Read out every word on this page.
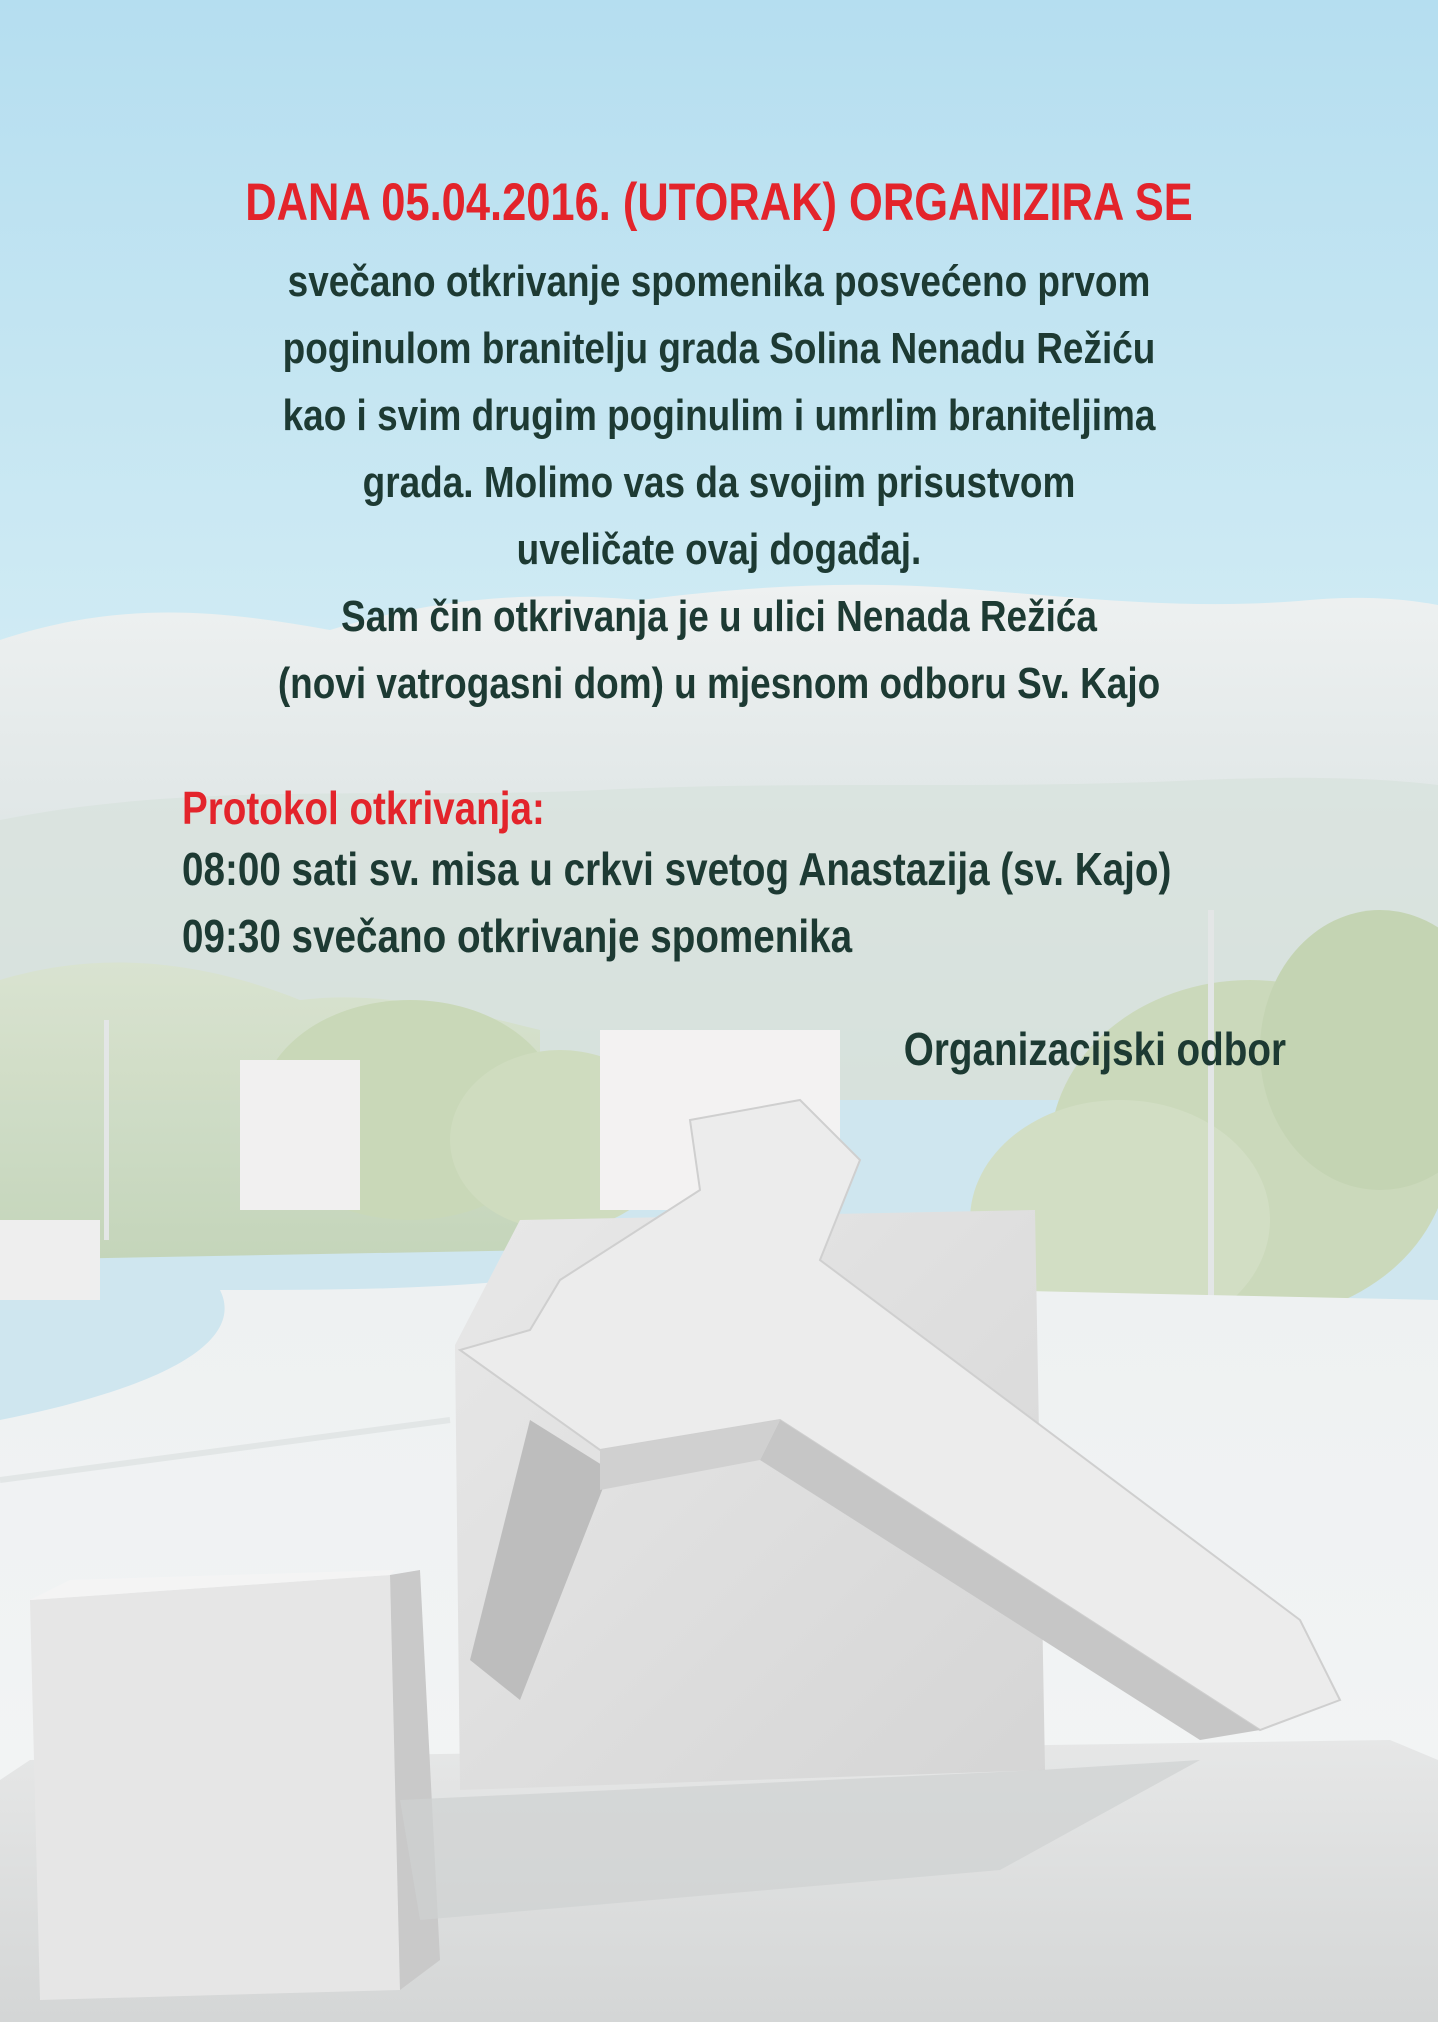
DANA 05.04.2016. (UTORAK) ORGANIZIRA SE
svečano otkrivanje spomenika posvećeno prvom
poginulom branitelju grada Solina Nenadu Režiću
kao i svim drugim poginulim i umrlim braniteljima
grada. Molimo vas da svojim prisustvom
uveličate ovaj događaj.
Sam čin otkrivanja je u ulici Nenada Režića
(novi vatrogasni dom) u mjesnom odboru Sv. Kajo
Protokol otkrivanja:
08:00 sati sv. misa u crkvi svetog Anastazija (sv. Kajo)
09:30 svečano otkrivanje spomenika
Organizacijski odbor
